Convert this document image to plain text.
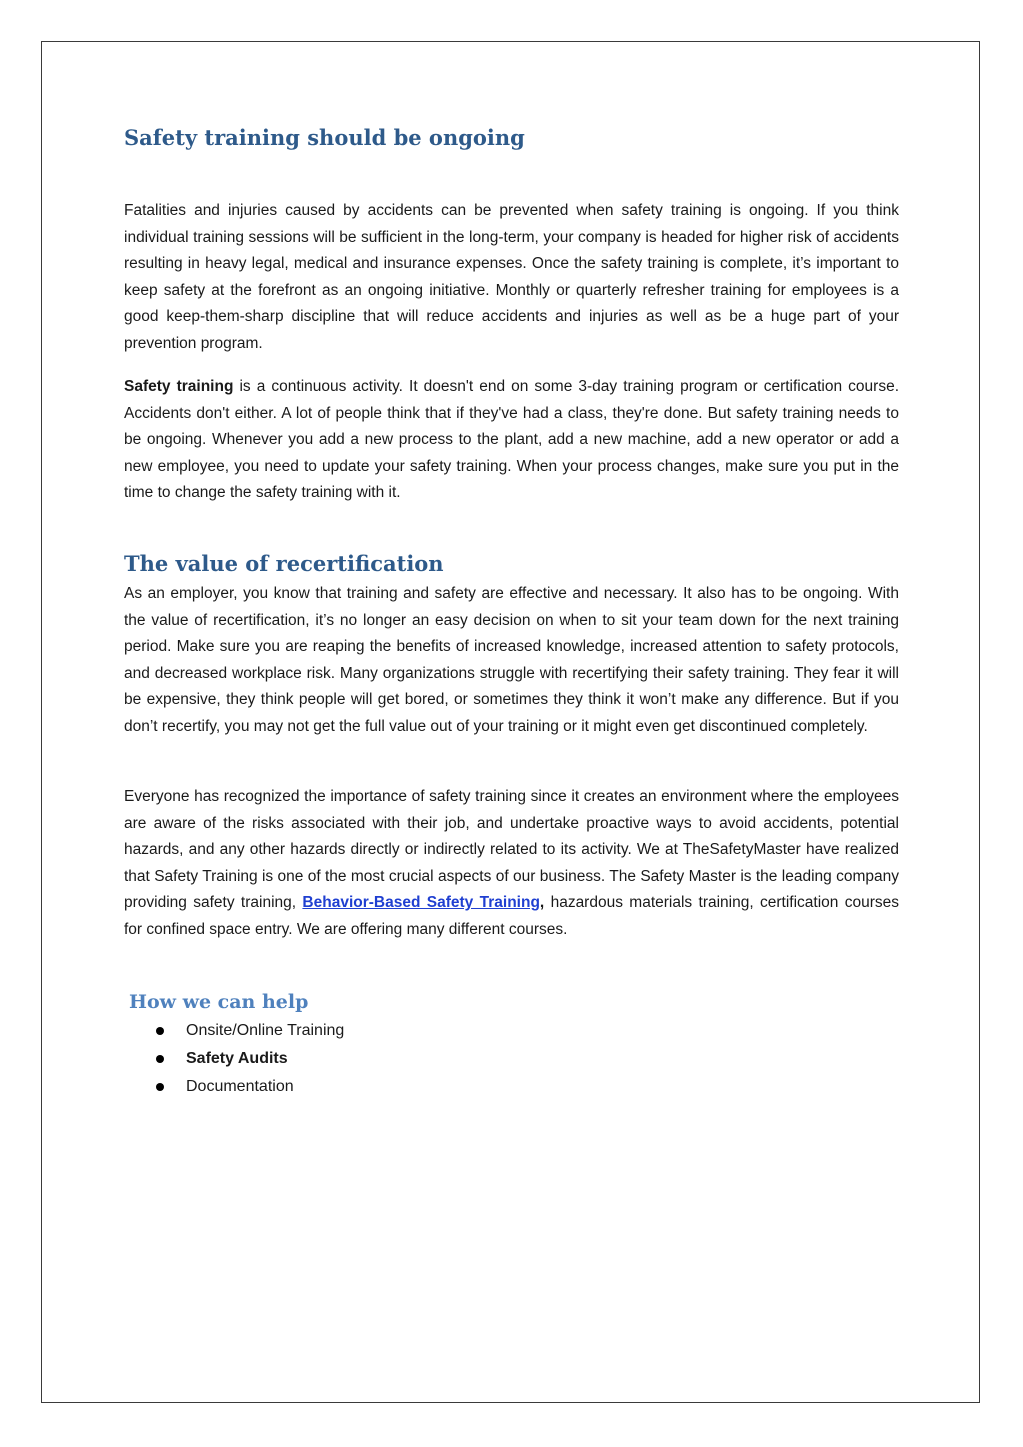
Safety training should be ongoing

Fatalities and injuries caused by accidents can be prevented when safety training is ongoing. If you think individual training sessions will be sufficient in the long-term, your company is headed for higher risk of accidents resulting in heavy legal, medical and insurance expenses. Once the safety training is complete, it’s important to keep safety at the forefront as an ongoing initiative. Monthly or quarterly refresher training for employees is a good keep-them-sharp discipline that will reduce accidents and injuries as well as be a huge part of your prevention program.

Safety training is a continuous activity. It doesn't end on some 3-day training program or certification course. Accidents don't either. A lot of people think that if they've had a class, they're done. But safety training needs to be ongoing. Whenever you add a new process to the plant, add a new machine, add a new operator or add a new employee, you need to update your safety training. When your process changes, make sure you put in the time to change the safety training with it.

The value of recertification

As an employer, you know that training and safety are effective and necessary. It also has to be ongoing. With the value of recertification, it’s no longer an easy decision on when to sit your team down for the next training period. Make sure you are reaping the benefits of increased knowledge, increased attention to safety protocols, and decreased workplace risk. Many organizations struggle with recertifying their safety training. They fear it will be expensive, they think people will get bored, or sometimes they think it won’t make any difference. But if you don’t recertify, you may not get the full value out of your training or it might even get discontinued completely.

Everyone has recognized the importance of safety training since it creates an environment where the employees are aware of the risks associated with their job, and undertake proactive ways to avoid accidents, potential hazards, and any other hazards directly or indirectly related to its activity. We at TheSafetyMaster have realized that Safety Training is one of the most crucial aspects of our business. The Safety Master is the leading company providing safety training, Behavior-Based Safety Training, hazardous materials training, certification courses for confined space entry. We are offering many different courses.

How we can help
Onsite/Online Training
Safety Audits
Documentation
